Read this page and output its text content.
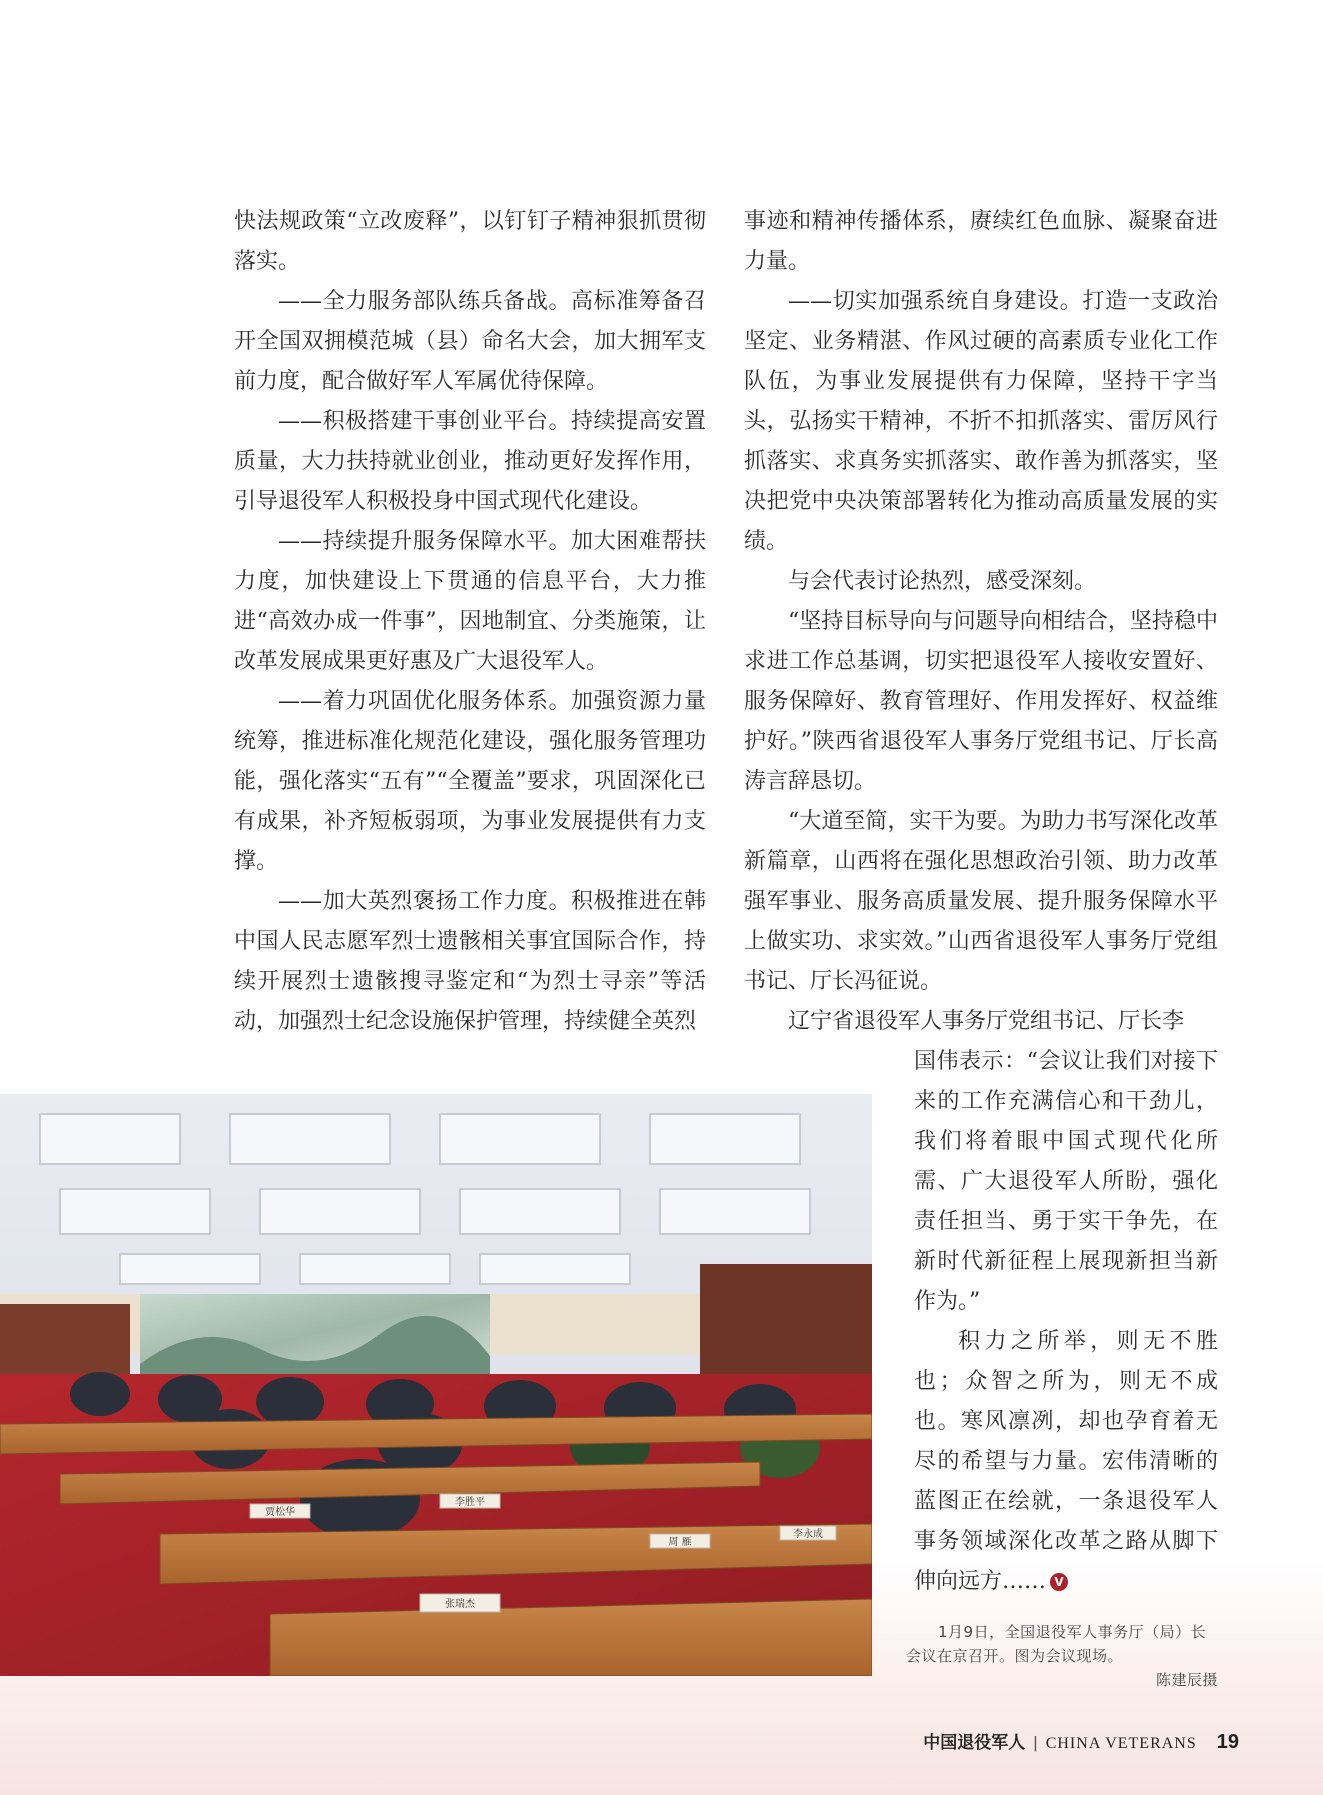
快法规政策“立改废释”，以钉钉子精神狠抓贯彻落实。

——全力服务部队练兵备战。高标准筹备召开全国双拥模范城（县）命名大会，加大拥军支前力度，配合做好军人军属优待保障。

——积极搭建干事创业平台。持续提高安置质量，大力扶持就业创业，推动更好发挥作用，引导退役军人积极投身中国式现代化建设。

——持续提升服务保障水平。加大困难帮扶力度，加快建设上下贯通的信息平台，大力推进“高效办成一件事”，因地制宜、分类施策，让改革发展成果更好惠及广大退役军人。

——着力巩固优化服务体系。加强资源力量统筹，推进标准化规范化建设，强化服务管理功能，强化落实“五有”“全覆盖”要求，巩固深化已有成果，补齐短板弱项，为事业发展提供有力支撑。

——加大英烈褒扬工作力度。积极推进在韩中国人民志愿军烈士遗骸相关事宜国际合作，持续开展烈士遗骸搜寻鉴定和“为烈士寻亲”等活动，加强烈士纪念设施保护管理，持续健全英烈

事迹和精神传播体系，赓续红色血脉、凝聚奋进力量。

——切实加强系统自身建设。打造一支政治坚定、业务精湛、作风过硬的高素质专业化工作队伍，为事业发展提供有力保障，坚持干字当头，弘扬实干精神，不折不扣抓落实、雷厉风行抓落实、求真务实抓落实、敢作善为抓落实，坚决把党中央决策部署转化为推动高质量发展的实绩。

与会代表讨论热烈，感受深刻。

“坚持目标导向与问题导向相结合，坚持稳中求进工作总基调，切实把退役军人接收安置好、服务保障好、教育管理好、作用发挥好、权益维护好。”陕西省退役军人事务厅党组书记、厅长高涛言辞恳切。

“大道至简，实干为要。为助力书写深化改革新篇章，山西将在强化思想政治引领、助力改革强军事业、服务高质量发展、提升服务保障水平上做实功、求实效。”山西省退役军人事务厅党组书记、厅长冯征说。

辽宁省退役军人事务厅党组书记、厅长李

国伟表示：“会议让我们对接下来的工作充满信心和干劲儿，我们将着眼中国式现代化所需、广大退役军人所盼，强化责任担当、勇于实干争先，在新时代新征程上展现新担当新作为。”

积力之所举，则无不胜也；众智之所为，则无不成也。寒风凛冽，却也孕育着无尽的希望与力量。宏伟清晰的蓝图正在绘就，一条退役军人事务领域深化改革之路从脚下伸向远方…… V

张瑞杰
贾松华
李胜平
周 雁
李永成

1月9日，全国退役军人事务厅（局）长会议在京召开。图为会议现场。
陈建辰摄

中国退役军人 | CHINA VETERANS 19
